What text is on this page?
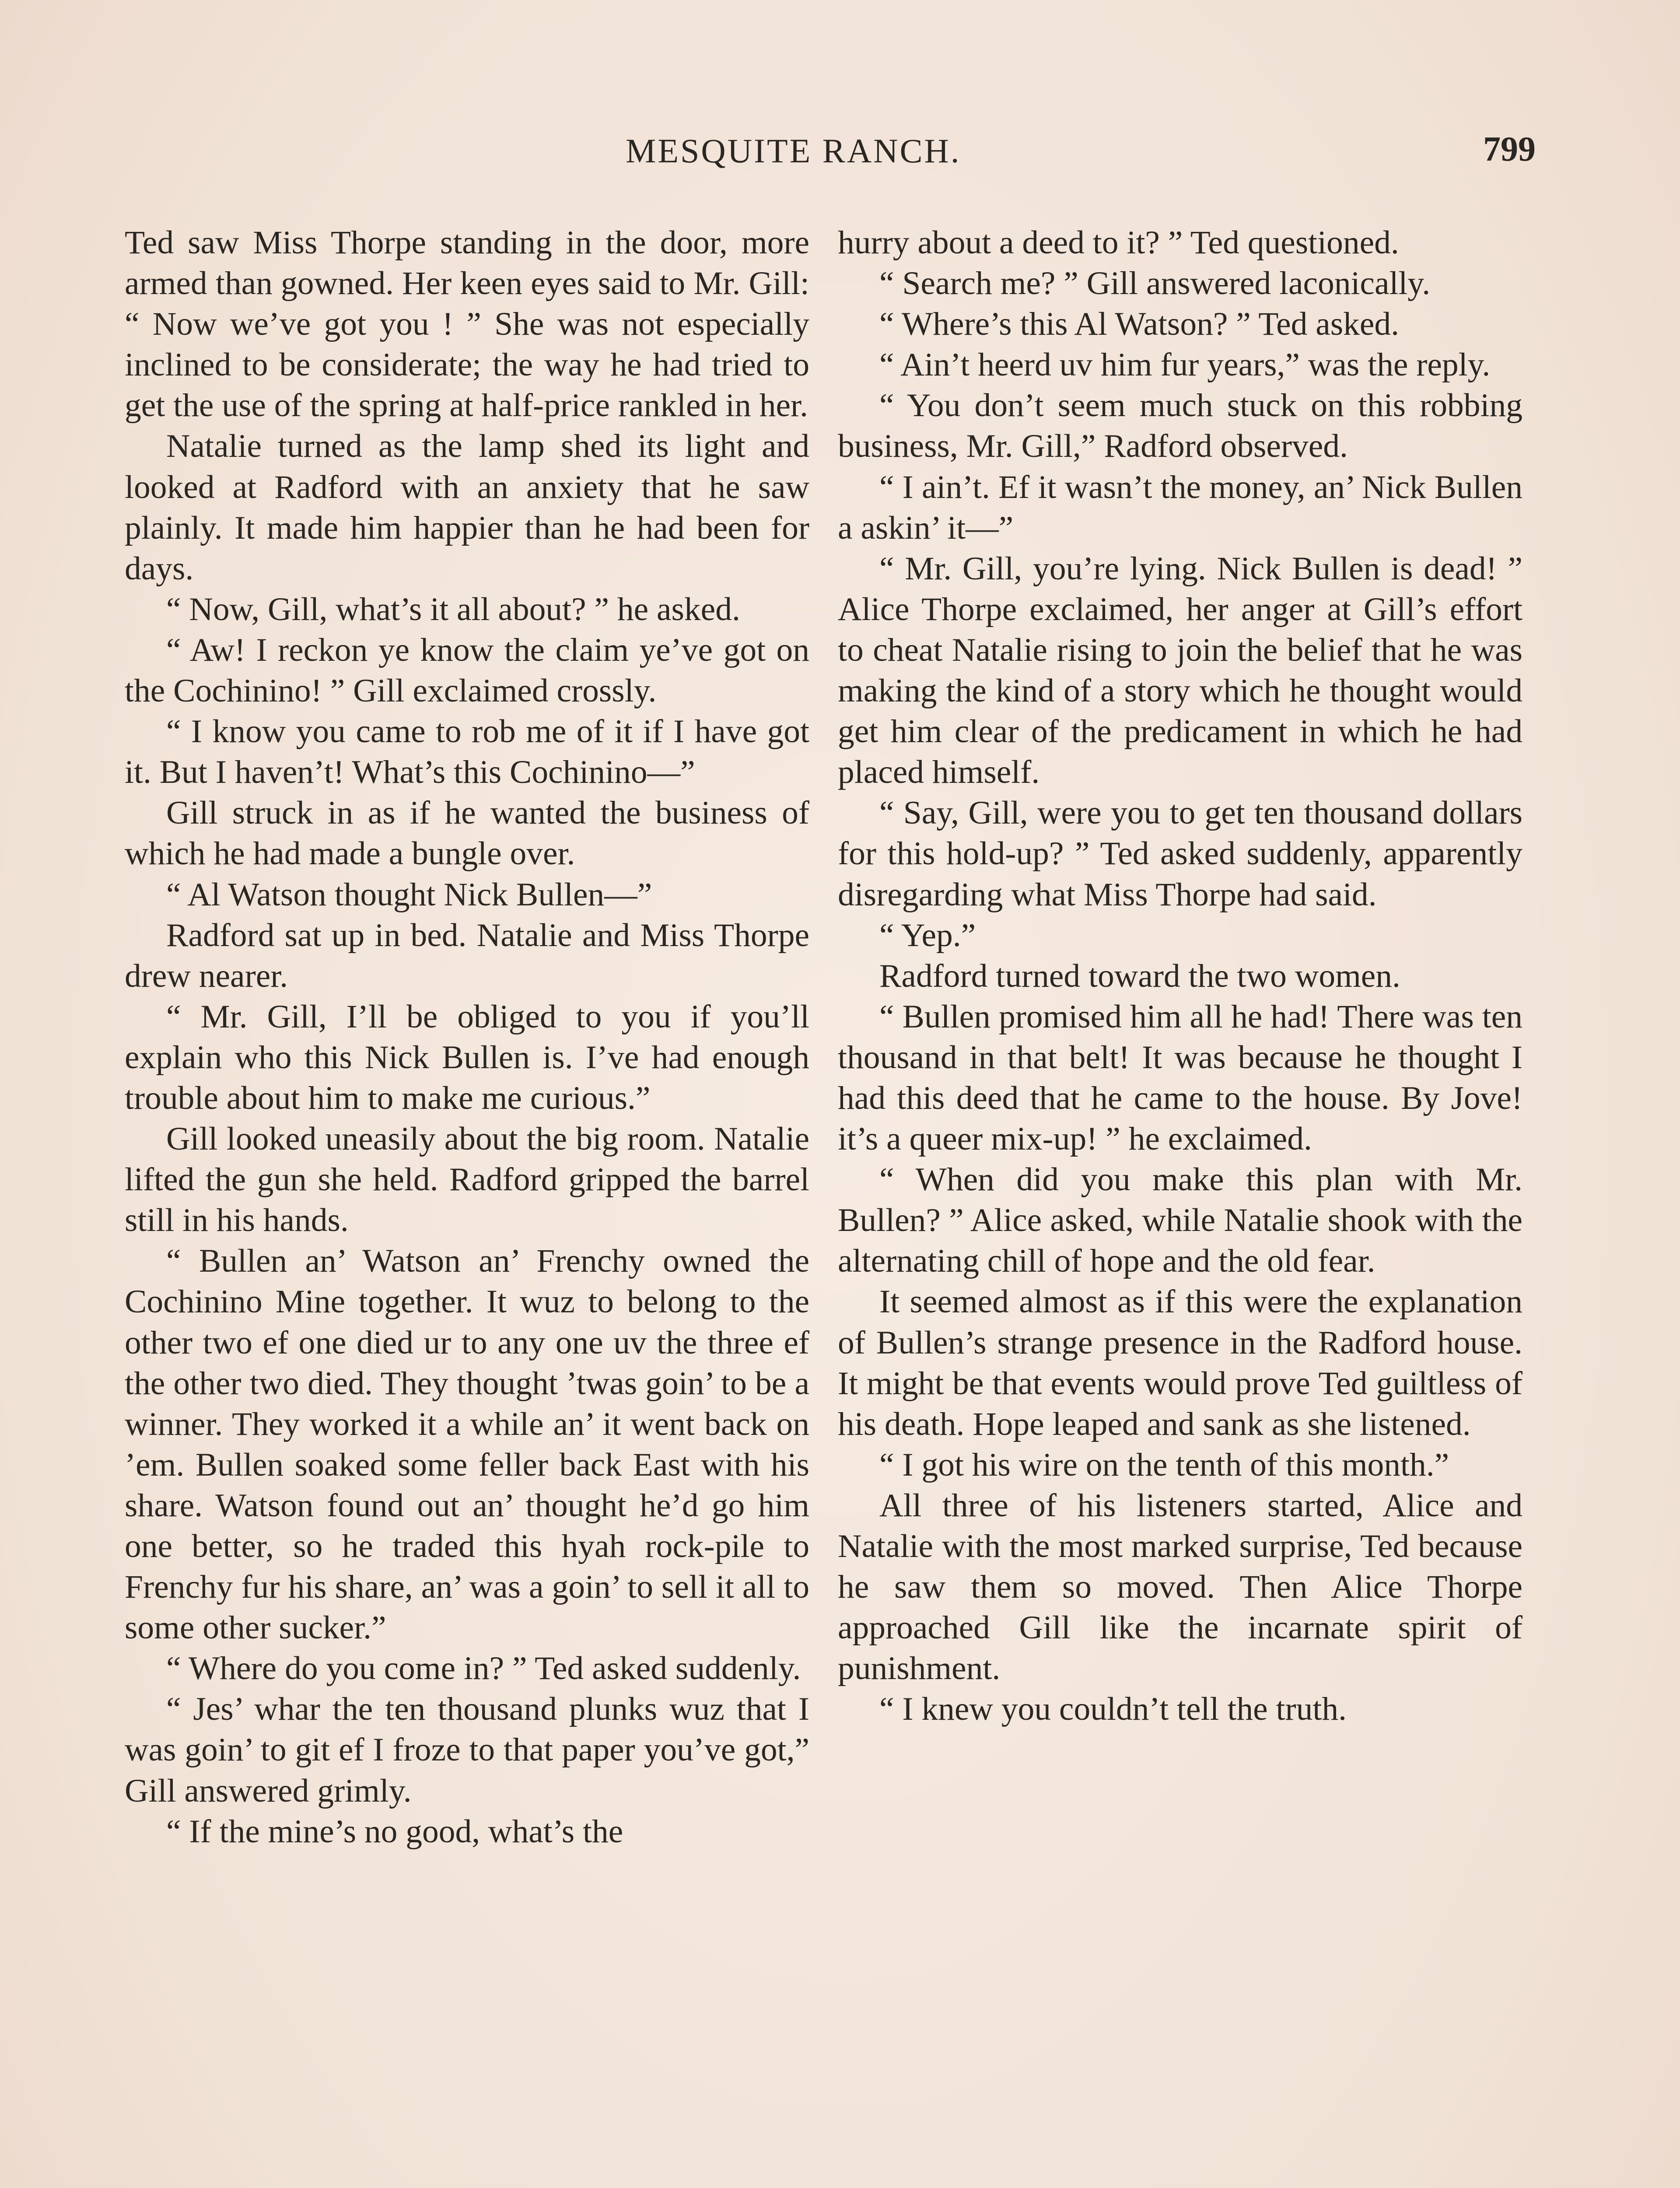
MESQUITE RANCH.	799

Ted saw Miss Thorpe standing in the door, more armed than gowned. Her keen eyes said to Mr. Gill: “ Now we’ve got you ! ” She was not especially inclined to be considerate; the way he had tried to get the use of the spring at half-price rankled in her.

Natalie turned as the lamp shed its light and looked at Radford with an anxiety that he saw plainly. It made him happier than he had been for days.

“ Now, Gill, what’s it all about? ” he asked.

“ Aw! I reckon ye know the claim ye’ve got on the Cochinino! ” Gill exclaimed crossly.

“ I know you came to rob me of it if I have got it. But I haven’t! What’s this Cochinino—”

Gill struck in as if he wanted the business of which he had made a bungle over.

“ Al Watson thought Nick Bullen—”

Radford sat up in bed. Natalie and Miss Thorpe drew nearer.

“ Mr. Gill, I’ll be obliged to you if you’ll explain who this Nick Bullen is. I’ve had enough trouble about him to make me curious.”

Gill looked uneasily about the big room. Natalie lifted the gun she held. Radford gripped the barrel still in his hands.

“ Bullen an’ Watson an’ Frenchy owned the Cochinino Mine together. It wuz to belong to the other two ef one died ur to any one uv the three ef the other two died. They thought ’twas goin’ to be a winner. They worked it a while an’ it went back on ’em. Bullen soaked some feller back East with his share. Watson found out an’ thought he’d go him one better, so he traded this hyah rock-pile to Frenchy fur his share, an’ was a goin’ to sell it all to some other sucker.”

“ Where do you come in? ” Ted asked suddenly.

“ Jes’ whar the ten thousand plunks wuz that I was goin’ to git ef I froze to that paper you’ve got,” Gill answered grimly.

“ If the mine’s no good, what’s the

hurry about a deed to it? ” Ted questioned.

“ Search me? ” Gill answered laconically.

“ Where’s this Al Watson? ” Ted asked.

“ Ain’t heerd uv him fur years,” was the reply.

“ You don’t seem much stuck on this robbing business, Mr. Gill,” Radford observed.

“ I ain’t. Ef it wasn’t the money, an’ Nick Bullen a askin’ it—”

“ Mr. Gill, you’re lying. Nick Bullen is dead! ” Alice Thorpe exclaimed, her anger at Gill’s effort to cheat Natalie rising to join the belief that he was making the kind of a story which he thought would get him clear of the predicament in which he had placed himself.

“ Say, Gill, were you to get ten thousand dollars for this hold-up? ” Ted asked suddenly, apparently disregarding what Miss Thorpe had said.

“ Yep.”

Radford turned toward the two women.

“ Bullen promised him all he had! There was ten thousand in that belt! It was because he thought I had this deed that he came to the house. By Jove! it’s a queer mix-up! ” he exclaimed.

“ When did you make this plan with Mr. Bullen? ” Alice asked, while Natalie shook with the alternating chill of hope and the old fear.

It seemed almost as if this were the explanation of Bullen’s strange presence in the Radford house. It might be that events would prove Ted guiltless of his death. Hope leaped and sank as she listened.

“ I got his wire on the tenth of this month.”

All three of his listeners started, Alice and Natalie with the most marked surprise, Ted because he saw them so moved. Then Alice Thorpe approached Gill like the incarnate spirit of punishment.

“ I knew you couldn’t tell the truth.
